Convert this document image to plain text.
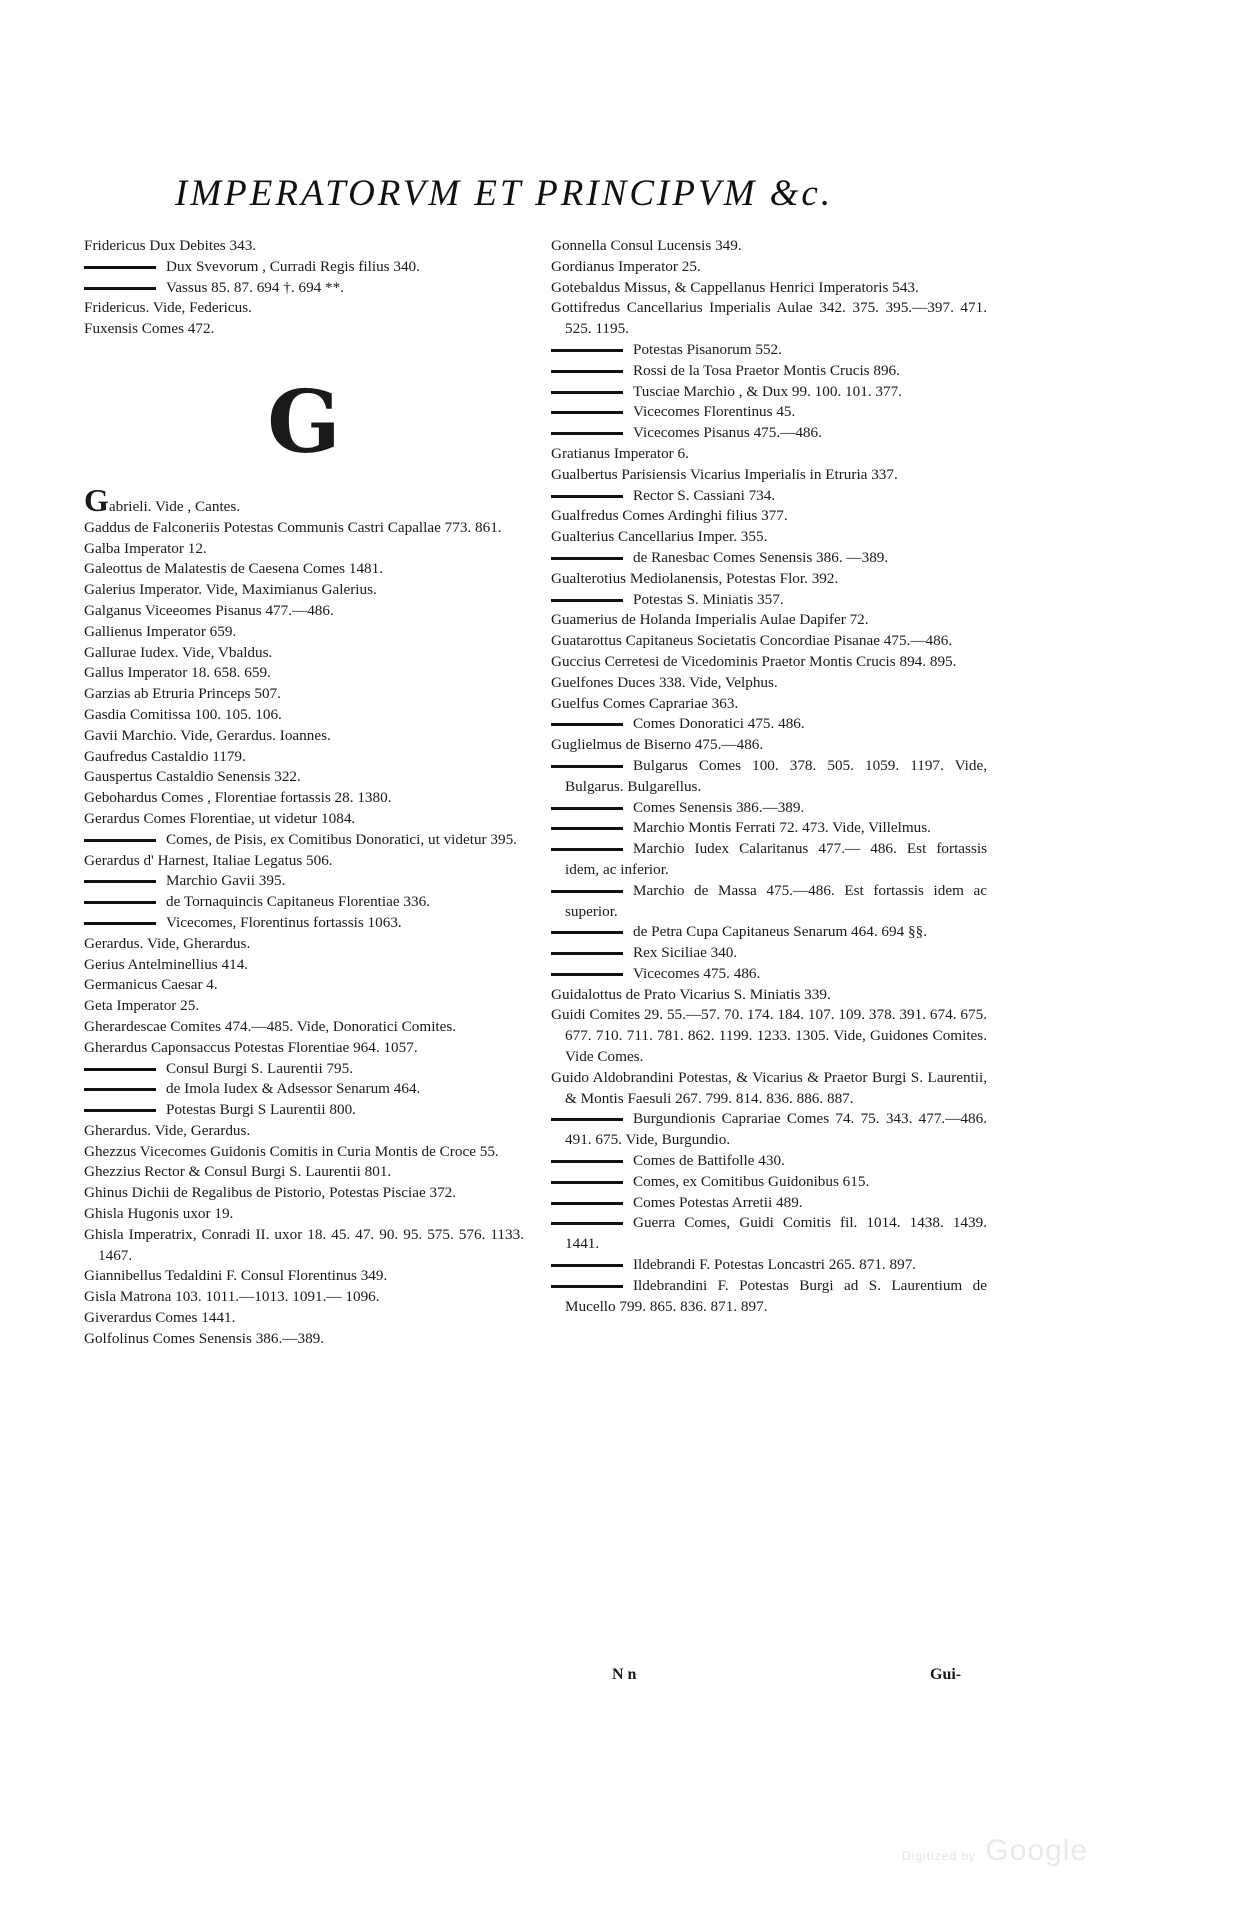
IMPERATORVM ET PRINCIPVM &c.

Fridericus Dux Debites 343.

Dux Svevorum , Curradi Regis filius 340.

Vassus 85. 87. 694 †. 694 **.

Fridericus. Vide, Federicus.

Fuxensis Comes 472.

G

Gabrieli. Vide , Cantes.

Gaddus de Falconeriis Potestas Communis Castri Capallae 773. 861.

Galba Imperator 12.

Galeottus de Malatestis de Caesena Comes 1481.

Galerius Imperator. Vide, Maximianus Galerius.

Galganus Viceeomes Pisanus 477.—486.

Gallienus Imperator 659.

Gallurae Iudex. Vide, Vbaldus.

Gallus Imperator 18. 658. 659.

Garzias ab Etruria Princeps 507.

Gasdia Comitissa 100. 105. 106.

Gavii Marchio. Vide, Gerardus. Ioannes.

Gaufredus Castaldio 1179.

Gauspertus Castaldio Senensis 322.

Gebohardus Comes , Florentiae fortassis 28. 1380.

Gerardus Comes Florentiae, ut videtur 1084.

Comes, de Pisis, ex Comitibus Donoratici, ut videtur 395.

Gerardus d' Harnest, Italiae Legatus 506.

Marchio Gavii 395.

de Tornaquincis Capitaneus Florentiae 336.

Vicecomes, Florentinus fortassis 1063.

Gerardus. Vide, Gherardus.

Gerius Antelminellius 414.

Germanicus Caesar 4.

Geta Imperator 25.

Gherardescae Comites 474.—485. Vide, Donoratici Comites.

Gherardus Caponsaccus Potestas Florentiae 964. 1057.

Consul Burgi S. Laurentii 795.

de Imola Iudex & Adsessor Senarum 464.

Potestas Burgi S Laurentii 800.

Gherardus. Vide, Gerardus.

Ghezzus Vicecomes Guidonis Comitis in Curia Montis de Croce 55.

Ghezzius Rector & Consul Burgi S. Laurentii 801.

Ghinus Dichii de Regalibus de Pistorio, Potestas Pisciae 372.

Ghisla Hugonis uxor 19.

Ghisla Imperatrix, Conradi II. uxor 18. 45. 47. 90. 95. 575. 576. 1133. 1467.

Giannibellus Tedaldini F. Consul Florentinus 349.

Gisla Matrona 103. 1011.—1013. 1091.— 1096.

Giverardus Comes 1441.

Golfolinus Comes Senensis 386.—389.

Gonnella Consul Lucensis 349.

Gordianus Imperator 25.

Gotebaldus Missus, & Cappellanus Henrici Imperatoris 543.

Gottifredus Cancellarius Imperialis Aulae 342. 375. 395.—397. 471. 525. 1195.

Potestas Pisanorum 552.

Rossi de la Tosa Praetor Montis Crucis 896.

Tusciae Marchio , & Dux 99. 100. 101. 377.

Vicecomes Florentinus 45.

Vicecomes Pisanus 475.—486.

Gratianus Imperator 6.

Gualbertus Parisiensis Vicarius Imperialis in Etruria 337.

Rector S. Cassiani 734.

Gualfredus Comes Ardinghi filius 377.

Gualterius Cancellarius Imper. 355.

de Ranesbac Comes Senensis 386. —389.

Gualterotius Mediolanensis, Potestas Flor. 392.

Potestas S. Miniatis 357.

Guamerius de Holanda Imperialis Aulae Dapifer 72.

Guatarottus Capitaneus Societatis Concordiae Pisanae 475.—486.

Guccius Cerretesi de Vicedominis Praetor Montis Crucis 894. 895.

Guelfones Duces 338. Vide, Velphus.

Guelfus Comes Caprariae 363.

Comes Donoratici 475. 486.

Guglielmus de Biserno 475.—486.

Bulgarus Comes 100. 378. 505. 1059. 1197. Vide, Bulgarus. Bulgarellus.

Comes Senensis 386.—389.

Marchio Montis Ferrati 72. 473. Vide, Villelmus.

Marchio Iudex Calaritanus 477.— 486. Est fortassis idem, ac inferior.

Marchio de Massa 475.—486. Est fortassis idem ac superior.

de Petra Cupa Capitaneus Senarum 464. 694 §§.

Rex Siciliae 340.

Vicecomes 475. 486.

Guidalottus de Prato Vicarius S. Miniatis 339.

Guidi Comites 29. 55.—57. 70. 174. 184. 107. 109. 378. 391. 674. 675. 677. 710. 711. 781. 862. 1199. 1233. 1305. Vide, Guidones Comites. Vide Comes.

Guido Aldobrandini Potestas, & Vicarius & Praetor Burgi S. Laurentii, & Montis Faesuli 267. 799. 814. 836. 886. 887.

Burgundionis Caprariae Comes 74. 75. 343. 477.—486. 491. 675. Vide, Burgundio.

Comes de Battifolle 430.

Comes, ex Comitibus Guidonibus 615.

Comes Potestas Arretii 489.

Guerra Comes, Guidi Comitis fil. 1014. 1438. 1439. 1441.

Ildebrandi F. Potestas Loncastri 265. 871. 897.

Ildebrandini F. Potestas Burgi ad S. Laurentium de Mucello 799. 865. 836. 871. 897.

N n	Gui-
Digitized by Google
